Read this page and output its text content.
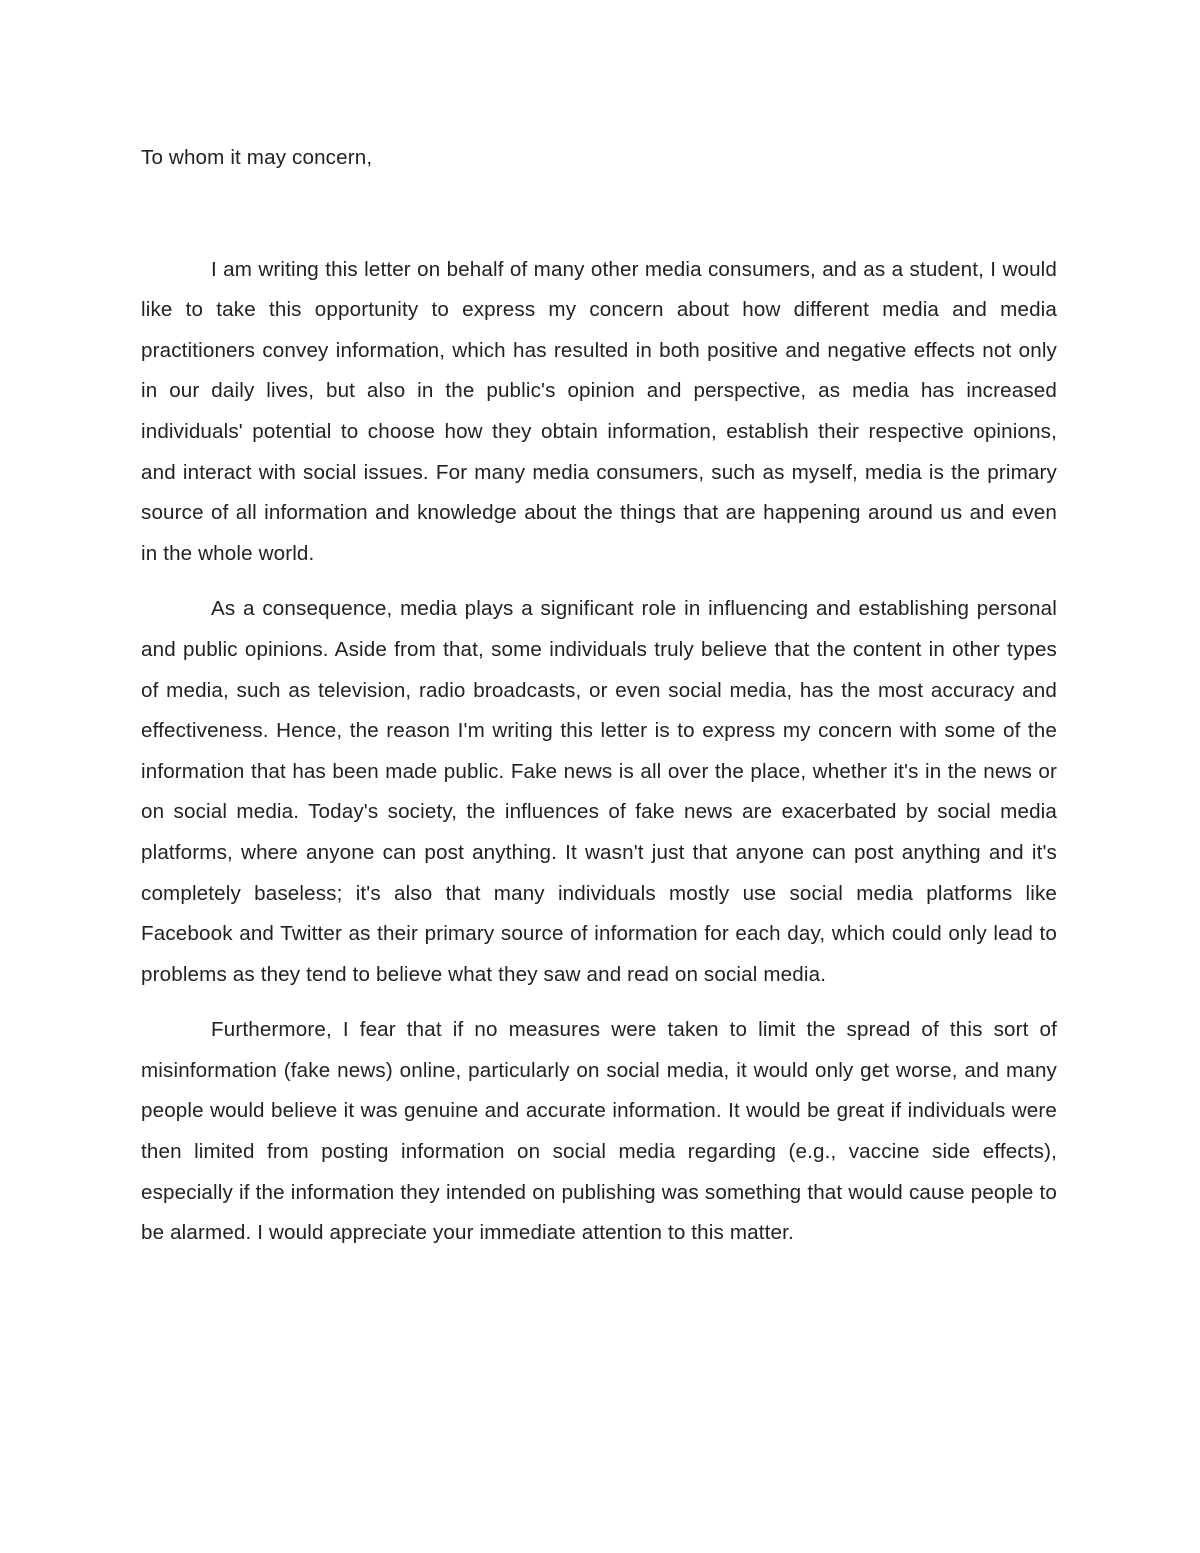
To whom it may concern,

I am writing this letter on behalf of many other media consumers, and as a student, I would like to take this opportunity to express my concern about how different media and media practitioners convey information, which has resulted in both positive and negative effects not only in our daily lives, but also in the public's opinion and perspective, as media has increased individuals' potential to choose how they obtain information, establish their respective opinions, and interact with social issues. For many media consumers, such as myself, media is the primary source of all information and knowledge about the things that are happening around us and even in the whole world.

As a consequence, media plays a significant role in influencing and establishing personal and public opinions. Aside from that, some individuals truly believe that the content in other types of media, such as television, radio broadcasts, or even social media, has the most accuracy and effectiveness. Hence, the reason I'm writing this letter is to express my concern with some of the information that has been made public. Fake news is all over the place, whether it's in the news or on social media. Today's society, the influences of fake news are exacerbated by social media platforms, where anyone can post anything. It wasn't just that anyone can post anything and it's completely baseless; it's also that many individuals mostly use social media platforms like Facebook and Twitter as their primary source of information for each day, which could only lead to problems as they tend to believe what they saw and read on social media.

Furthermore, I fear that if no measures were taken to limit the spread of this sort of misinformation (fake news) online, particularly on social media, it would only get worse, and many people would believe it was genuine and accurate information. It would be great if individuals were then limited from posting information on social media regarding (e.g., vaccine side effects), especially if the information they intended on publishing was something that would cause people to be alarmed. I would appreciate your immediate attention to this matter.
